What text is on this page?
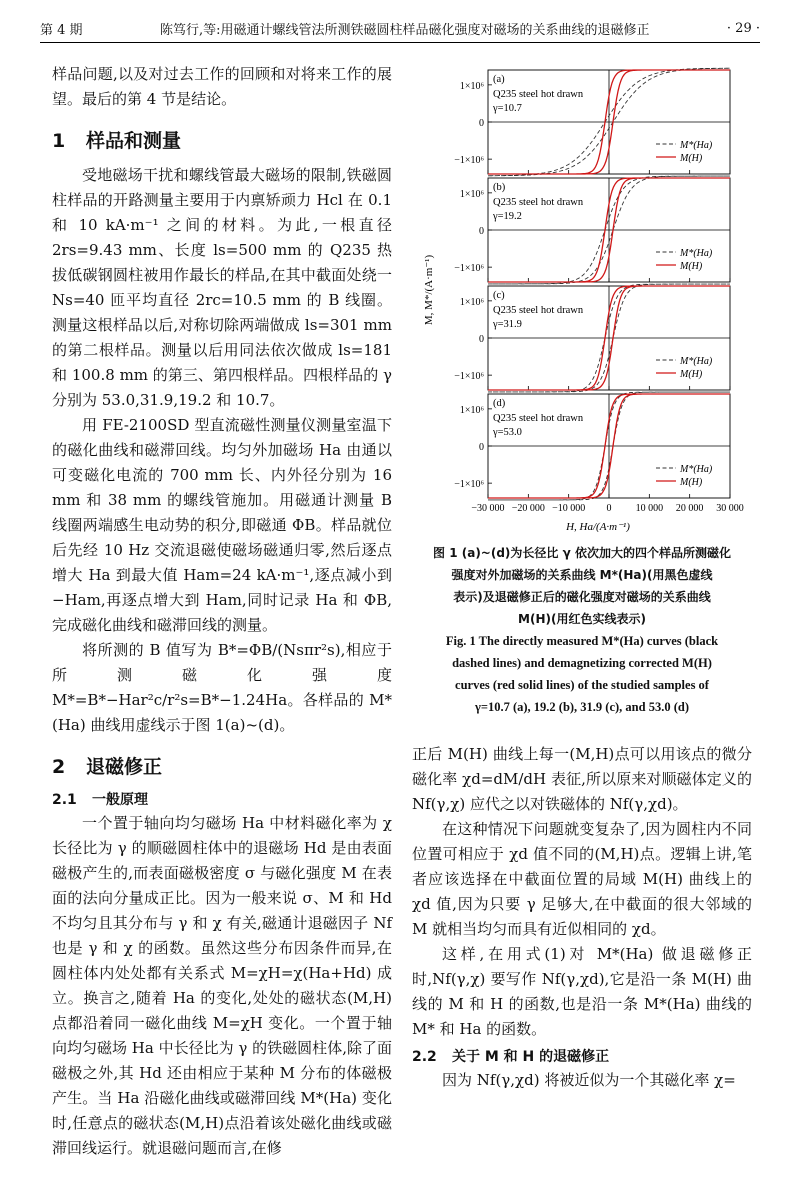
第 4 期	陈笃行,等:用磁通计螺线管法所测铁磁圆柱样品磁化强度对磁场的关系曲线的退磁修正	· 29 ·

样品问题,以及对过去工作的回顾和对将来工作的展望。最后的第 4 节是结论。

1 样品和测量

受地磁场干扰和螺线管最大磁场的限制,铁磁圆柱样品的开路测量主要用于内禀矫顽力 Hcl 在 0.1 和 10 kA·m⁻¹ 之间的材料。为此,一根直径 2rs=9.43 mm、长度 ls=500 mm 的 Q235 热拔低碳钢圆柱被用作最长的样品,在其中截面处绕一 Ns=40 匝平均直径 2rc=10.5 mm 的 B 线圈。测量这根样品以后,对称切除两端做成 ls=301 mm 的第二根样品。测量以后用同法依次做成 ls=181 和 100.8 mm 的第三、第四根样品。四根样品的 γ 分别为 53.0,31.9,19.2 和 10.7。

用 FE-2100SD 型直流磁性测量仪测量室温下的磁化曲线和磁滞回线。均匀外加磁场 Ha 由通以可变磁化电流的 700 mm 长、内外径分别为 16 mm 和 38 mm 的螺线管施加。用磁通计测量 B 线圈两端感生电动势的积分,即磁通 ΦB。样品就位后先经 10 Hz 交流退磁使磁场磁通归零,然后逐点增大 Ha 到最大值 Ham=24 kA·m⁻¹,逐点减小到 −Ham,再逐点增大到 Ham,同时记录 Ha 和 ΦB,完成磁化曲线和磁滞回线的测量。

将所测的 B 值写为 B*=ΦB/(Nsπr²s),相应于所测磁化强度 M*=B*−Har²c/r²s=B*−1.24Ha。各样品的 M*(Ha) 曲线用虚线示于图 1(a)~(d)。

2 退磁修正
2.1 一般原理

一个置于轴向均匀磁场 Ha 中材料磁化率为 χ 长径比为 γ 的顺磁圆柱体中的退磁场 Hd 是由表面磁极产生的,而表面磁极密度 σ 与磁化强度 M 在表面的法向分量成正比。因为一般来说 σ、M 和 Hd 不均匀且其分布与 γ 和 χ 有关,磁通计退磁因子 Nf 也是 γ 和 χ 的函数。虽然这些分布因条件而异,在圆柱体内处处都有关系式 M=χH=χ(Ha+Hd) 成立。换言之,随着 Ha 的变化,处处的磁状态(M,H)点都沿着同一磁化曲线 M=χH 变化。一个置于轴向均匀磁场 Ha 中长径比为 γ 的铁磁圆柱体,除了面磁极之外,其 Hd 还由相应于某种 M 分布的体磁极产生。当 Ha 沿磁化曲线或磁滞回线 M*(Ha) 变化时,任意点的磁状态(M,H)点沿着该处磁化曲线或磁滞回线运行。就退磁问题而言,在修

1×10⁶
0
−1×10⁶
(a)
Q235 steel hot drawn
γ=10.7
M*(Ha)
M(H)
1×10⁶
0
−1×10⁶
(b)
Q235 steel hot drawn
γ=19.2
M*(Ha)
M(H)
1×10⁶
0
−1×10⁶
(c)
Q235 steel hot drawn
γ=31.9
M*(Ha)
M(H)
1×10⁶
0
−1×10⁶
−30 000 −20 000 −10 000 0 10 000 20 000 30 000
(d)
Q235 steel hot drawn
γ=53.0
M*(Ha)
M(H)
M, M*/(A·m⁻¹)
H, Ha/(A·m⁻¹)

图 1 (a)~(d)为长径比 γ 依次加大的四个样品所测磁化

强度对外加磁场的关系曲线 M*(Ha)(用黑色虚线

表示)及退磁修正后的磁化强度对磁场的关系曲线

M(H)(用红色实线表示)

Fig. 1 The directly measured M*(Ha) curves (black

dashed lines) and demagnetizing corrected M(H)

curves (red solid lines) of the studied samples of

γ=10.7 (a), 19.2 (b), 31.9 (c), and 53.0 (d)

正后 M(H) 曲线上每一(M,H)点可以用该点的微分磁化率 χd=dM/dH 表征,所以原来对顺磁体定义的 Nf(γ,χ) 应代之以对铁磁体的 Nf(γ,χd)。

在这种情况下问题就变复杂了,因为圆柱内不同位置可相应于 χd 值不同的(M,H)点。逻辑上讲,笔者应该选择在中截面位置的局域 M(H) 曲线上的 χd 值,因为只要 γ 足够大,在中截面的很大邻域的 M 就相当均匀而具有近似相同的 χd。

这样,在用式(1)对 M*(Ha) 做退磁修正时,Nf(γ,χ) 要写作 Nf(γ,χd),它是沿一条 M(H) 曲线的 M 和 H 的函数,也是沿一条 M*(Ha) 曲线的 M* 和 Ha 的函数。

2.2 关于 M 和 H 的退磁修正

因为 Nf(γ,χd) 将被近似为一个其磁化率 χ=
